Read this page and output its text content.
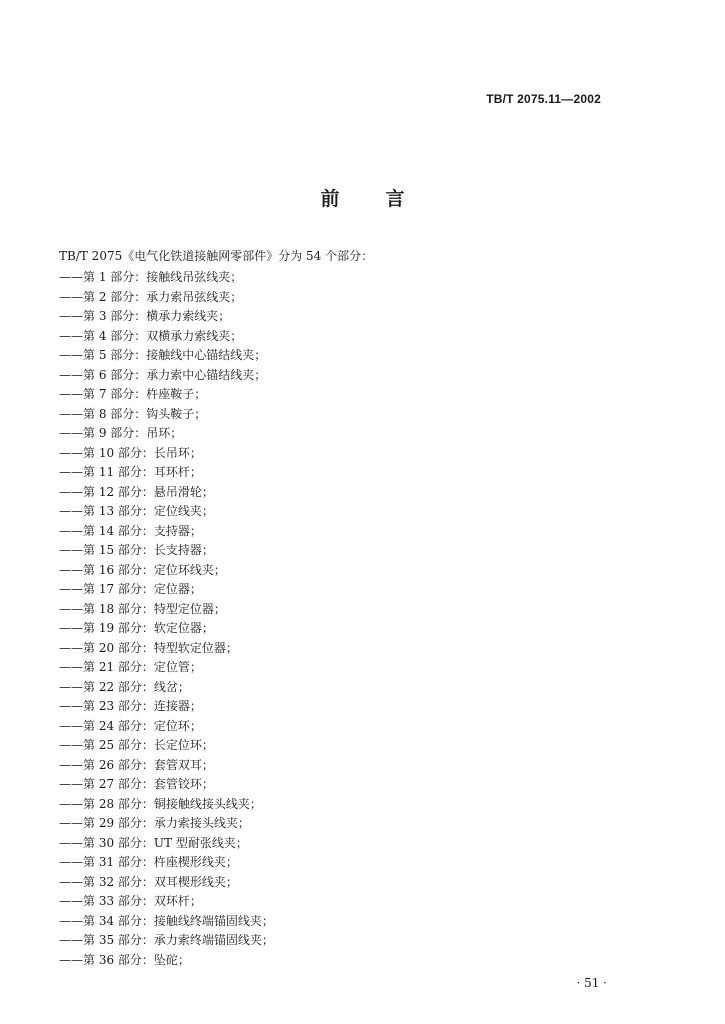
TB/T 2075.11—2002
前 言
TB/T 2075《电气化铁道接触网零部件》分为 54 个部分：
——第 1 部分：接触线吊弦线夹；
——第 2 部分：承力索吊弦线夹；
——第 3 部分：横承力索线夹；
——第 4 部分：双横承力索线夹；
——第 5 部分：接触线中心锚结线夹；
——第 6 部分：承力索中心锚结线夹；
——第 7 部分：杵座鞍子；
——第 8 部分：钩头鞍子；
——第 9 部分：吊环；
——第 10 部分：长吊环；
——第 11 部分：耳环杆；
——第 12 部分：悬吊滑轮；
——第 13 部分：定位线夹；
——第 14 部分：支持器；
——第 15 部分：长支持器；
——第 16 部分：定位环线夹；
——第 17 部分：定位器；
——第 18 部分：特型定位器；
——第 19 部分：软定位器；
——第 20 部分：特型软定位器；
——第 21 部分：定位管；
——第 22 部分：线岔；
——第 23 部分：连接器；
——第 24 部分：定位环；
——第 25 部分：长定位环；
——第 26 部分：套管双耳；
——第 27 部分：套管铰环；
——第 28 部分：铜接触线接头线夹；
——第 29 部分：承力索接头线夹；
——第 30 部分：UT 型耐张线夹；
——第 31 部分：杵座楔形线夹；
——第 32 部分：双耳楔形线夹；
——第 33 部分：双环杆；
——第 34 部分：接触线终端锚固线夹；
——第 35 部分：承力索终端锚固线夹；
——第 36 部分：坠砣；
· 51 ·
